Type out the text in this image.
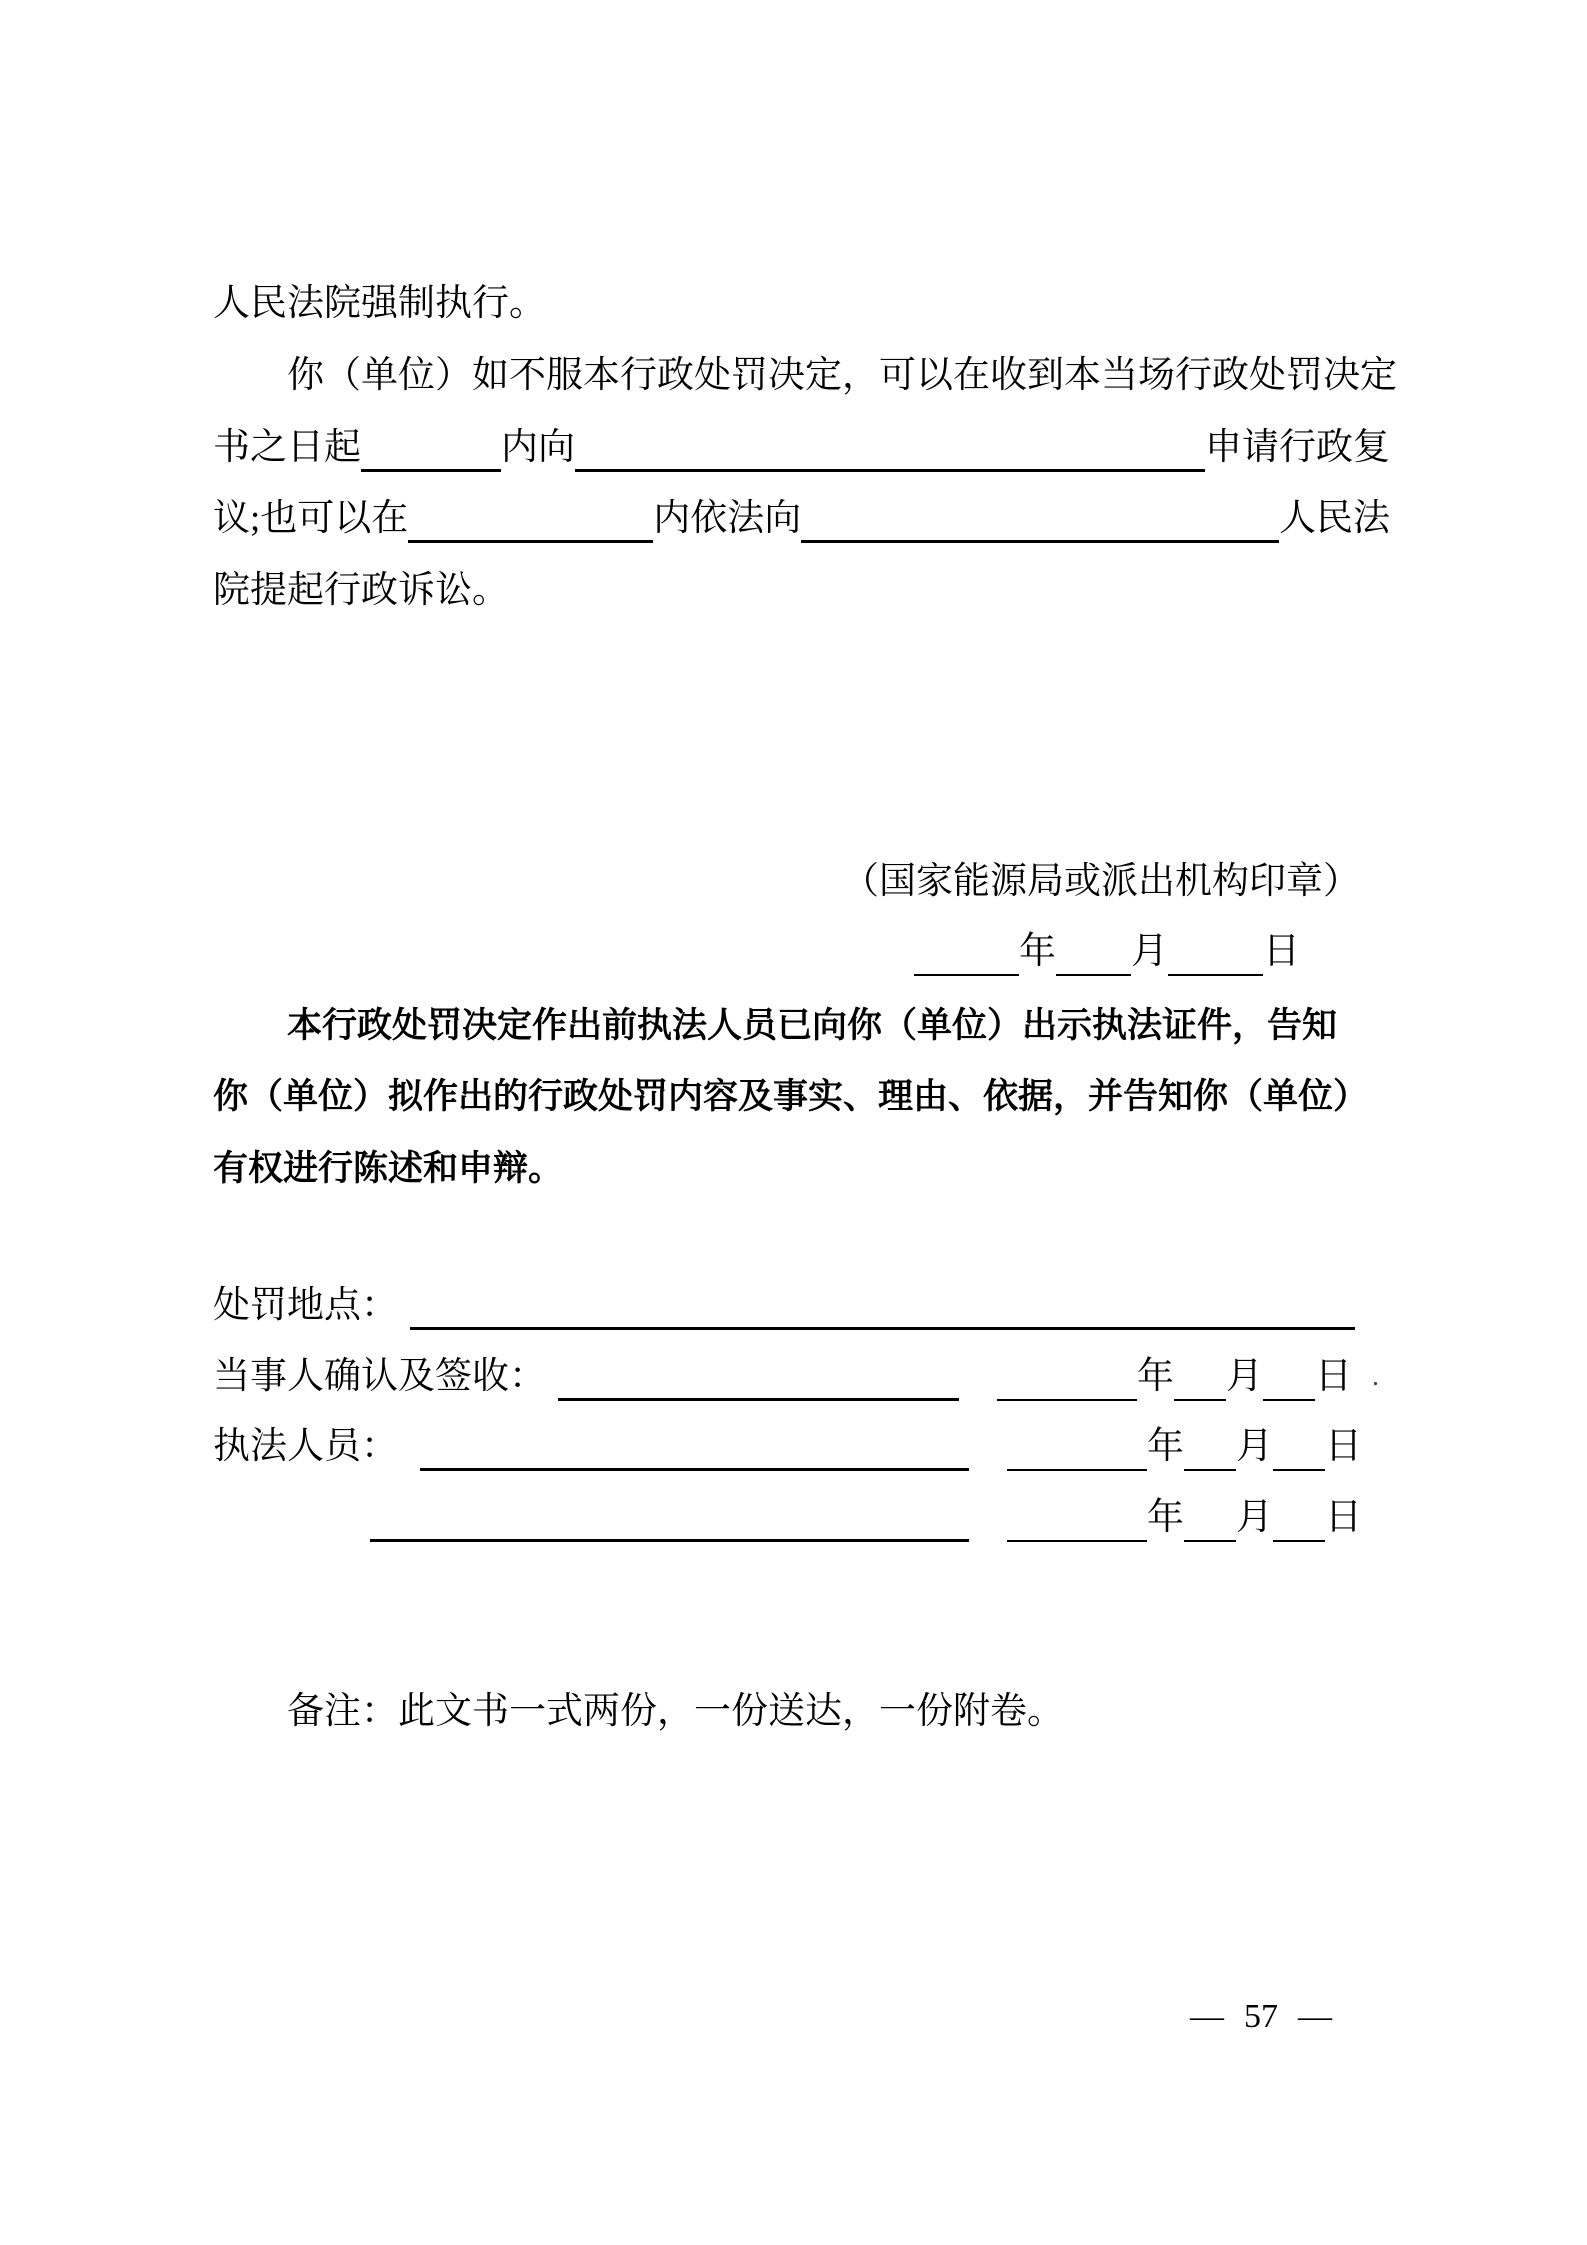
人民法院强制执行。
你（单位）如不服本行政处罚决定，可以在收到本当场行政处罚决定
书之日起	内向	申请行政复
议;也可以在	内依法向	人民法
院提起行政诉讼。
（国家能源局或派出机构印章）
年 月	日
本行政处罚决定作出前执法人员已向你（单位）出示执法证件，告知
你（单位）拟作出的行政处罚内容及事实、理由、依据，并告知你（单位）
有权进行陈述和申辩。
处罚地点：
当事人确认及签收：	年 月 日 .
执法人员：	年 月 日
年 月 日
备注：此文书一式两份，一份送达，一份附卷。
— 57 —
